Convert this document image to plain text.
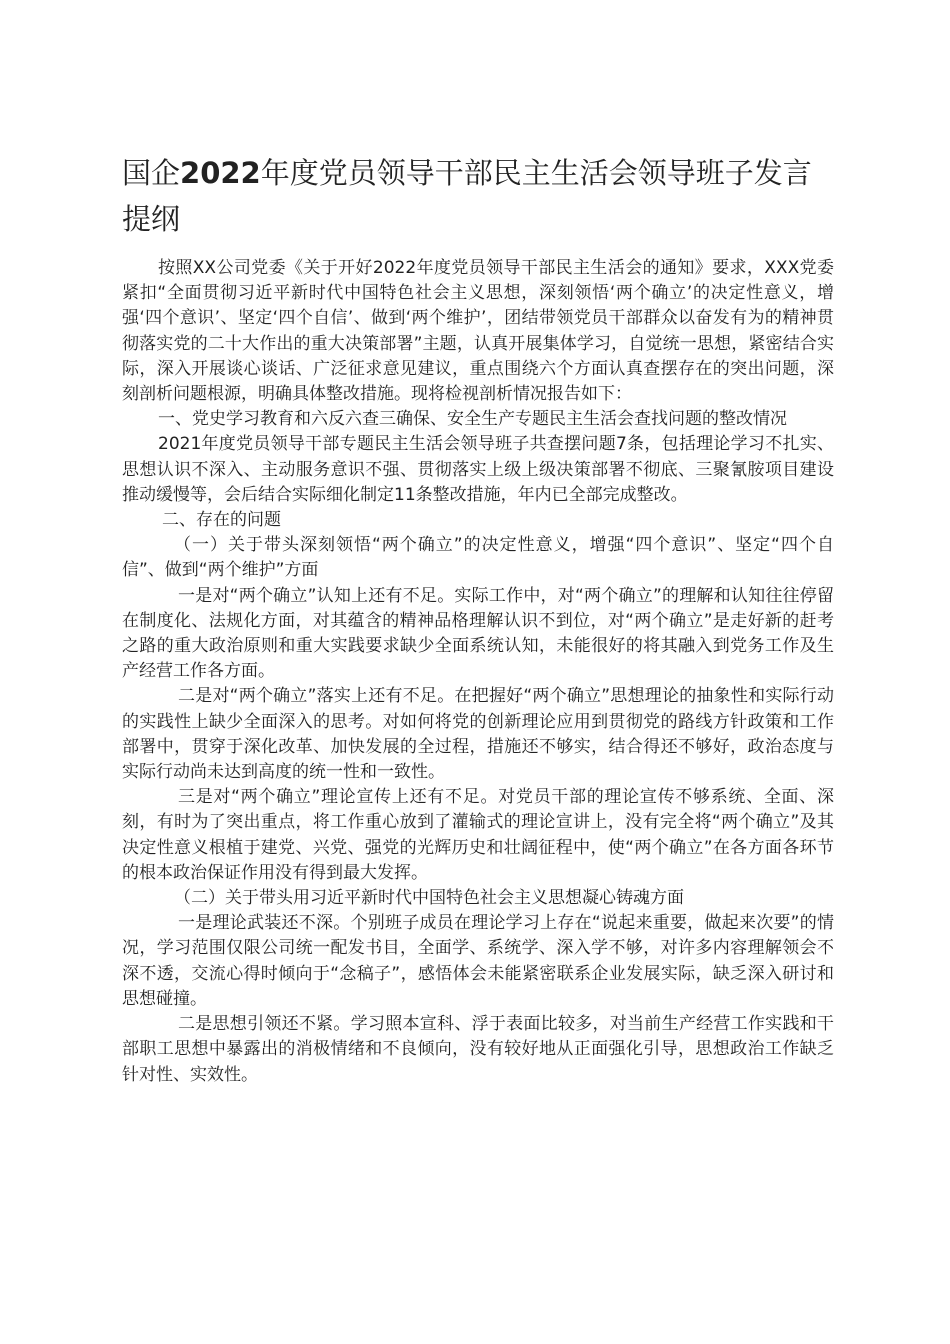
国企2022年度党员领导干部民主生活会领导班子发言提纲

按照XX公司党委《关于开好2022年度党员领导干部民主生活会的通知》要求，XXX党委紧扣“全面贯彻习近平新时代中国特色社会主义思想，深刻领悟‘两个确立’的决定性意义，增强‘四个意识’、坚定‘四个自信’、做到‘两个维护’，团结带领党员干部群众以奋发有为的精神贯彻落实党的二十大作出的重大决策部署”主题，认真开展集体学习，自觉统一思想，紧密结合实际，深入开展谈心谈话、广泛征求意见建议，重点围绕六个方面认真查摆存在的突出问题，深刻剖析问题根源，明确具体整改措施。现将检视剖析情况报告如下：

一、党史学习教育和六反六查三确保、安全生产专题民主生活会查找问题的整改情况

2021年度党员领导干部专题民主生活会领导班子共查摆问题7条，包括理论学习不扎实、思想认识不深入、主动服务意识不强、贯彻落实上级上级决策部署不彻底、三聚氰胺项目建设推动缓慢等，会后结合实际细化制定11条整改措施，年内已全部完成整改。

二、存在的问题

（一）关于带头深刻领悟“两个确立”的决定性意义，增强“四个意识”、坚定“四个自信”、做到“两个维护”方面

一是对“两个确立”认知上还有不足。实际工作中，对“两个确立”的理解和认知往往停留在制度化、法规化方面，对其蕴含的精神品格理解认识不到位，对“两个确立”是走好新的赶考之路的重大政治原则和重大实践要求缺少全面系统认知，未能很好的将其融入到党务工作及生产经营工作各方面。

二是对“两个确立”落实上还有不足。在把握好“两个确立”思想理论的抽象性和实际行动的实践性上缺少全面深入的思考。对如何将党的创新理论应用到贯彻党的路线方针政策和工作部署中，贯穿于深化改革、加快发展的全过程，措施还不够实，结合得还不够好，政治态度与实际行动尚未达到高度的统一性和一致性。

三是对“两个确立”理论宣传上还有不足。对党员干部的理论宣传不够系统、全面、深刻，有时为了突出重点，将工作重心放到了灌输式的理论宣讲上，没有完全将“两个确立”及其决定性意义根植于建党、兴党、强党的光辉历史和壮阔征程中，使“两个确立”在各方面各环节的根本政治保证作用没有得到最大发挥。

（二）关于带头用习近平新时代中国特色社会主义思想凝心铸魂方面

一是理论武装还不深。个别班子成员在理论学习上存在“说起来重要，做起来次要”的情况，学习范围仅限公司统一配发书目，全面学、系统学、深入学不够，对许多内容理解领会不深不透，交流心得时倾向于“念稿子”，感悟体会未能紧密联系企业发展实际，缺乏深入研讨和思想碰撞。

二是思想引领还不紧。学习照本宣科、浮于表面比较多，对当前生产经营工作实践和干部职工思想中暴露出的消极情绪和不良倾向，没有较好地从正面强化引导，思想政治工作缺乏针对性、实效性。
